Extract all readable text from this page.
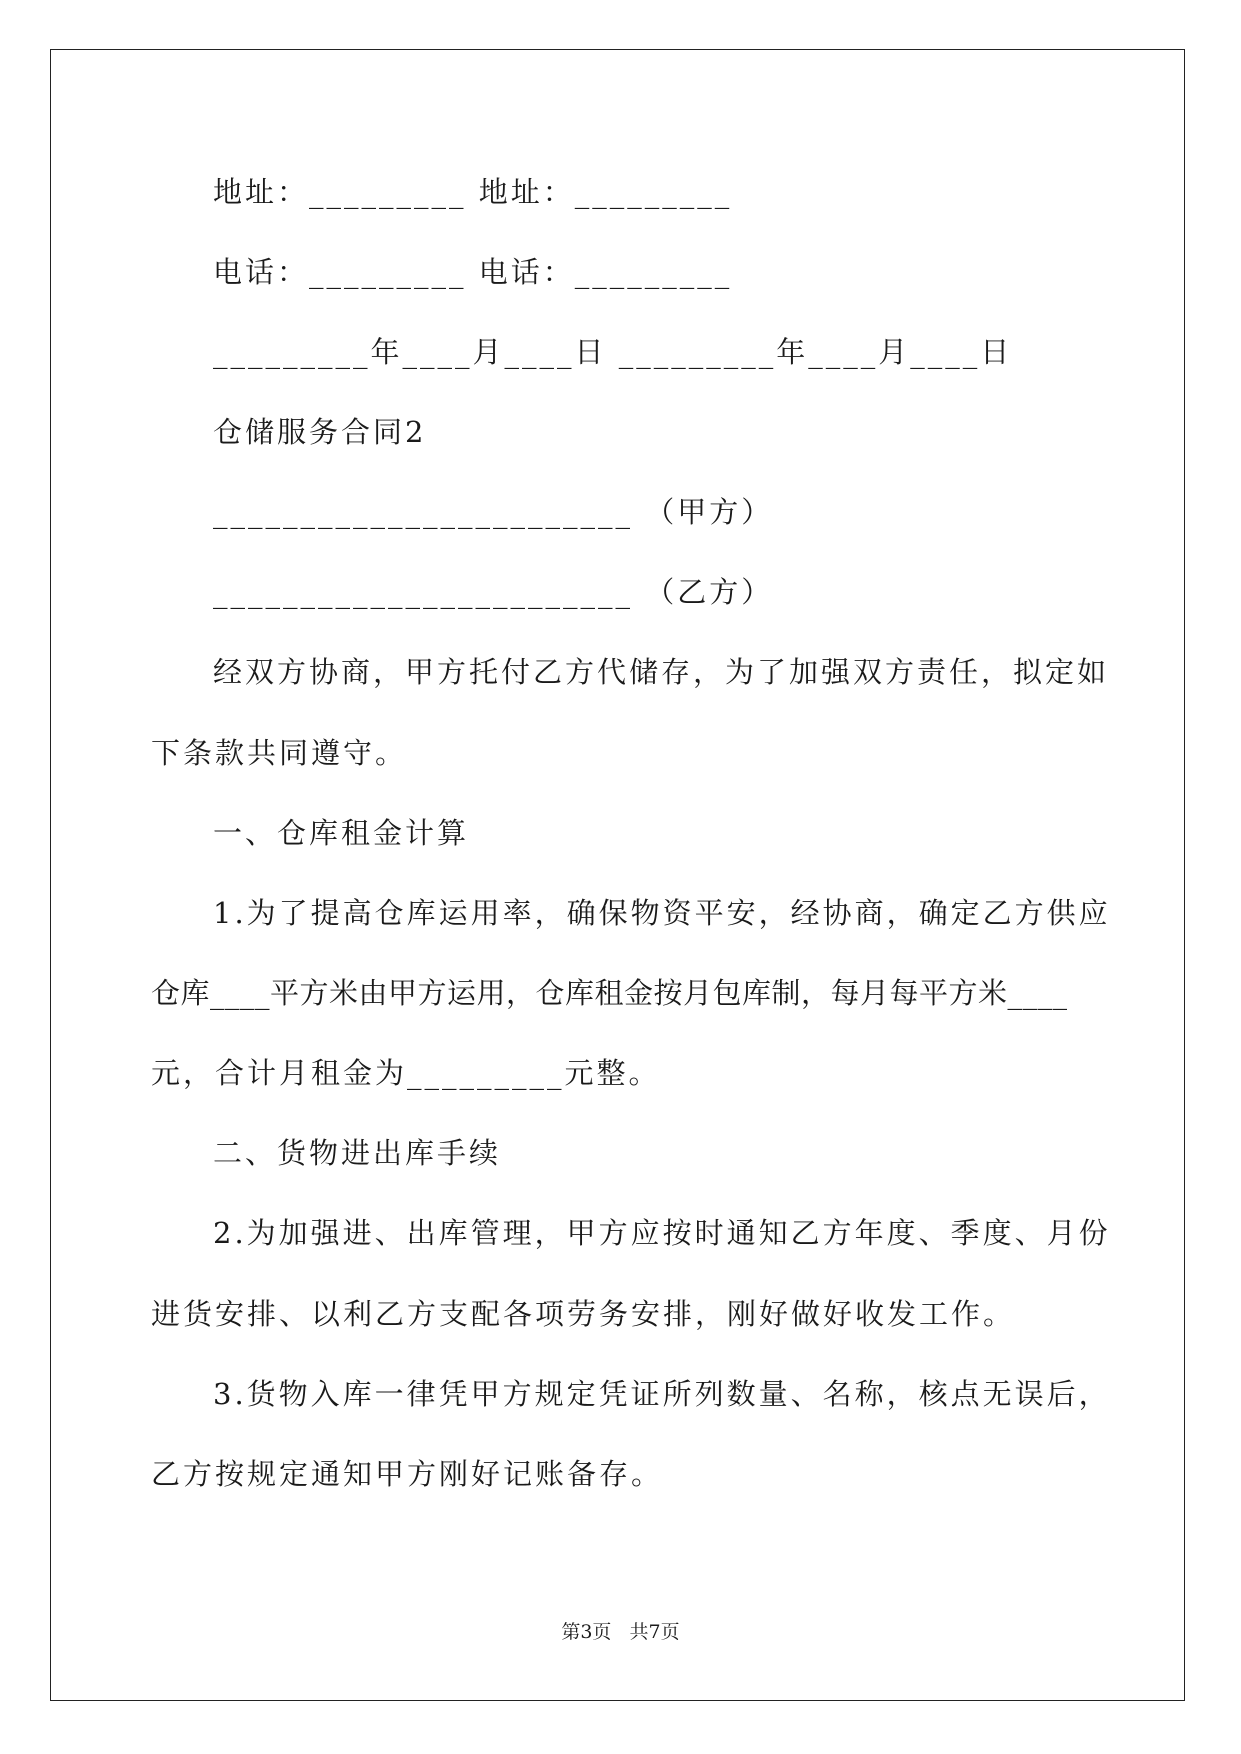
地址：_________ 地址：_________
电话：_________ 电话：_________
_________年____月____日 _________年____月____日
仓储服务合同2
________________________ （甲方）
________________________ （乙方）
经双方协商，甲方托付乙方代储存，为了加强双方责任，拟定如
下条款共同遵守。
一、仓库租金计算
1.为了提高仓库运用率，确保物资平安，经协商，确定乙方供应
仓库____平方米由甲方运用，仓库租金按月包库制，每月每平方米____
元，合计月租金为_________元整。
二、货物进出库手续
2.为加强进、出库管理，甲方应按时通知乙方年度、季度、月份
进货安排、以利乙方支配各项劳务安排，刚好做好收发工作。
3.货物入库一律凭甲方规定凭证所列数量、名称，核点无误后，
乙方按规定通知甲方刚好记账备存。
第3页   共7页
